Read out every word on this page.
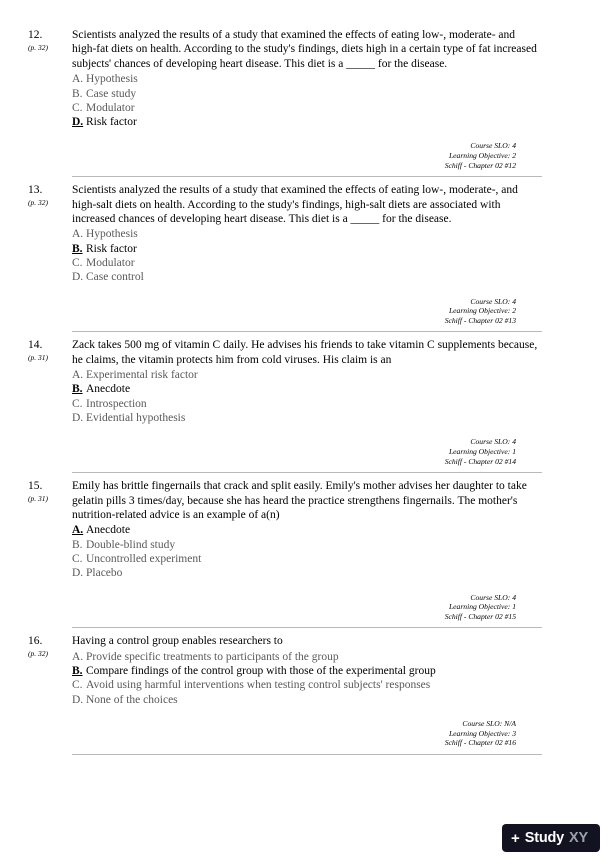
12.
(p. 32)
Scientists analyzed the results of a study that examined the effects of eating low-, moderate- and high-fat diets on health. According to the study's findings, diets high in a certain type of fat increased subjects' chances of developing heart disease. This diet is a _____ for the disease.
A. Hypothesis
B. Case study
C. Modulator
D. Risk factor
Course SLO: 4
Learning Objective: 2
Schiff - Chapter 02 #12
13.
(p. 32)
Scientists analyzed the results of a study that examined the effects of eating low-, moderate-, and high-salt diets on health. According to the study's findings, high-salt diets are associated with increased chances of developing heart disease. This diet is a _____ for the disease.
A. Hypothesis
B. Risk factor
C. Modulator
D. Case control
Course SLO: 4
Learning Objective: 2
Schiff - Chapter 02 #13
14.
(p. 31)
Zack takes 500 mg of vitamin C daily. He advises his friends to take vitamin C supplements because, he claims, the vitamin protects him from cold viruses. His claim is an
A. Experimental risk factor
B. Anecdote
C. Introspection
D. Evidential hypothesis
Course SLO: 4
Learning Objective: 1
Schiff - Chapter 02 #14
15.
(p. 31)
Emily has brittle fingernails that crack and split easily. Emily's mother advises her daughter to take gelatin pills 3 times/day, because she has heard the practice strengthens fingernails. The mother's nutrition-related advice is an example of a(n)
A. Anecdote
B. Double-blind study
C. Uncontrolled experiment
D. Placebo
Course SLO: 4
Learning Objective: 1
Schiff - Chapter 02 #15
16.
(p. 32)
Having a control group enables researchers to
A. Provide specific treatments to participants of the group
B. Compare findings of the control group with those of the experimental group
C. Avoid using harmful interventions when testing control subjects' responses
D. None of the choices
Course SLO: N/A
Learning Objective: 3
Schiff - Chapter 02 #16
+ Study XY
